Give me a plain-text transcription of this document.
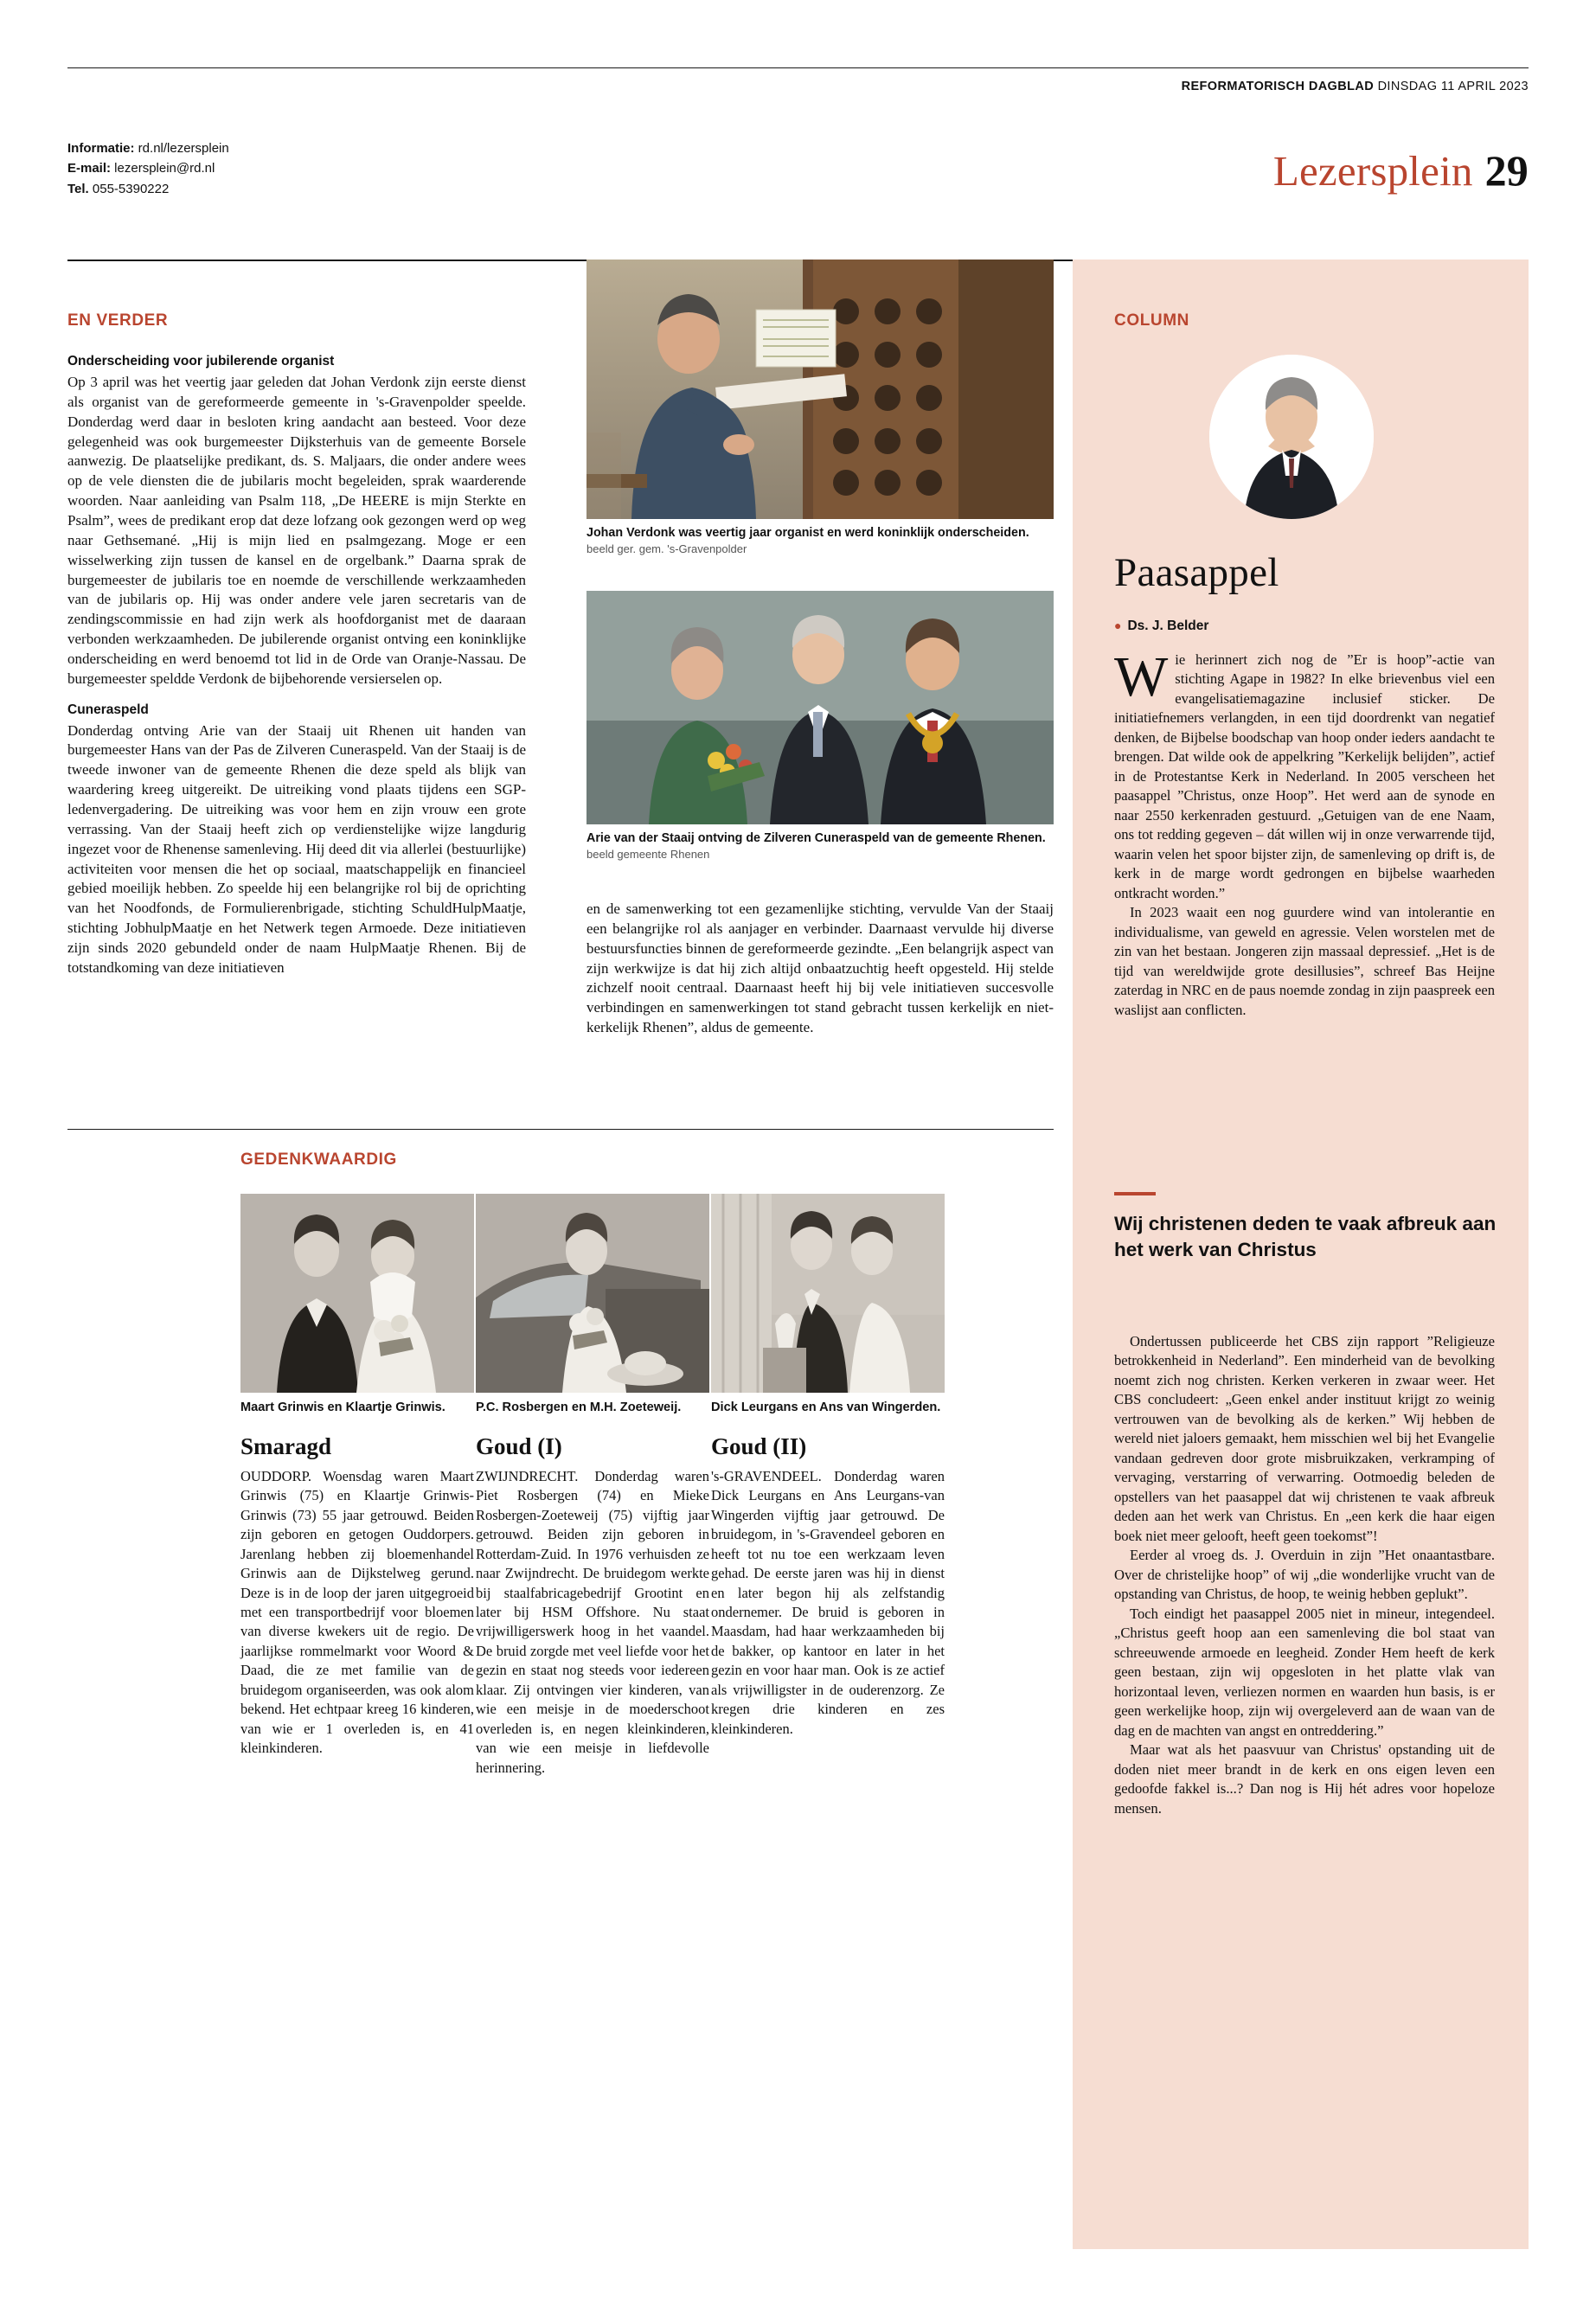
REFORMATORISCH DAGBLAD DINSDAG 11 APRIL 2023
Informatie: rd.nl/lezersplein
E-mail: lezersplein@rd.nl
Tel. 055-5390222	Lezersplein 29
EN VERDER
Onderscheiding voor jubilerende organist

Op 3 april was het veertig jaar geleden dat Johan Verdonk zijn eerste dienst als organist van de gereformeerde gemeente in 's-Gravenpolder speelde. Donderdag werd daar in besloten kring aandacht aan besteed. Voor deze gelegenheid was ook burgemeester Dijksterhuis van de gemeente Borsele aanwezig. De plaatselijke predikant, ds. S. Maljaars, die onder andere wees op de vele diensten die de jubilaris mocht begeleiden, sprak waarderende woorden. Naar aanleiding van Psalm 118, „De HEERE is mijn Sterkte en Psalm”, wees de predikant erop dat deze lofzang ook gezongen werd op weg naar Gethsemané. „Hij is mijn lied en psalmgezang. Moge er een wisselwerking zijn tussen de kansel en de orgelbank.” Daarna sprak de burgemeester de jubilaris toe en noemde de verschillende werkzaamheden van de jubilaris op. Hij was onder andere vele jaren secretaris van de zendingscommissie en had zijn werk als hoofdorganist met de daaraan verbonden werkzaamheden. De jubilerende organist ontving een koninklijke onderscheiding en werd benoemd tot lid in de Orde van Oranje-Nassau. De burgemeester speldde Verdonk de bijbehorende versierselen op.

Cuneraspeld

Donderdag ontving Arie van der Staaij uit Rhenen uit handen van burgemeester Hans van der Pas de Zilveren Cuneraspeld. Van der Staaij is de tweede inwoner van de gemeente Rhenen die deze speld als blijk van waardering kreeg uitgereikt. De uitreiking vond plaats tijdens een SGP-ledenvergadering. De uitreiking was voor hem en zijn vrouw een grote verrassing. Van der Staaij heeft zich op verdienstelijke wijze langdurig ingezet voor de Rhenense samenleving. Hij deed dit via allerlei (bestuurlijke) activiteiten voor mensen die het op sociaal, maatschappelijk en financieel gebied moeilijk hebben. Zo speelde hij een belangrijke rol bij de oprichting van het Noodfonds, de Formulierenbrigade, stichting SchuldHulpMaatje, stichting JobhulpMaatje en het Netwerk tegen Armoede. Deze initiatieven zijn sinds 2020 gebundeld onder de naam HulpMaatje Rhenen. Bij de totstandkoming van deze initiatieven

Johan Verdonk was veertig jaar organist en werd koninklijk onderscheiden. beeld ger. gem. 's-Gravenpolder
Arie van der Staaij ontving de Zilveren Cuneraspeld van de gemeente Rhenen. beeld gemeente Rhenen

en de samenwerking tot een gezamenlijke stichting, vervulde Van der Staaij een belangrijke rol als aanjager en verbinder. Daarnaast vervulde hij diverse bestuursfuncties binnen de gereformeerde gezindte. „Een belangrijk aspect van zijn werkwijze is dat hij zich altijd onbaatzuchtig heeft opgesteld. Hij stelde zichzelf nooit centraal. Daarnaast heeft hij bij vele initiatieven succesvolle verbindingen en samenwerkingen tot stand gebracht tussen kerkelijk en niet-kerkelijk Rhenen”, aldus de gemeente.

GEDENKWAARDIG
Maart Grinwis en Klaartje Grinwis.
Smaragd
OUDDORP. Woensdag waren Maart Grinwis (75) en Klaartje Grinwis-Grinwis (73) 55 jaar getrouwd. Beiden zijn geboren en getogen Ouddorpers. Jarenlang hebben zij bloemenhandel Grinwis aan de Dijkstelweg gerund. Deze is in de loop der jaren uitgegroeid met een transportbedrijf voor bloemen van diverse kwekers uit de regio. De jaarlijkse rommelmarkt voor Woord & Daad, die ze met familie van de bruidegom organiseerden, was ook alom bekend. Het echtpaar kreeg 16 kinderen, van wie er 1 overleden is, en 41 kleinkinderen.
P.C. Rosbergen en M.H. Zoeteweij.
Goud (I)
ZWIJNDRECHT. Donderdag waren Piet Rosbergen (74) en Mieke Rosbergen-Zoeteweij (75) vijftig jaar getrouwd. Beiden zijn geboren in Rotterdam-Zuid. In 1976 verhuisden ze naar Zwijndrecht. De bruidegom werkte bij staalfabricagebedrijf Grootint en later bij HSM Offshore. Nu staat vrijwilligerswerk hoog in het vaandel. De bruid zorgde met veel liefde voor het gezin en staat nog steeds voor iedereen klaar. Zij ontvingen vier kinderen, van wie een meisje in de moederschoot overleden is, en negen kleinkinderen, van wie een meisje in liefdevolle herinnering.
Dick Leurgans en Ans van Wingerden.
Goud (II)
's-GRAVENDEEL. Donderdag waren Dick Leurgans en Ans Leurgans-van Wingerden vijftig jaar getrouwd. De bruidegom, in 's-Gravendeel geboren en heeft tot nu toe een werkzaam leven gehad. De eerste jaren was hij in dienst en later begon hij als zelfstandig ondernemer. De bruid is geboren in Maasdam, had haar werkzaamheden bij de bakker, op kantoor en later in het gezin en voor haar man. Ook is ze actief als vrijwilligster in de ouderenzorg. Ze kregen drie kinderen en zes kleinkinderen.
COLUMN
Paasappel
● Ds. J. Belder

Wie herinnert zich nog de ”Er is hoop”-actie van stichting Agape in 1982? In elke brievenbus viel een evangelisatiemagazine inclusief sticker. De initiatiefnemers verlangden, in een tijd doordrenkt van negatief denken, de Bijbelse boodschap van hoop onder ieders aandacht te brengen. Dat wilde ook de appelkring ”Kerkelijk belijden”, actief in de Protestantse Kerk in Nederland. In 2005 verscheen het paasappel ”Christus, onze Hoop”. Het werd aan de synode en naar 2550 kerkenraden gestuurd. „Getuigen van de ene Naam, ons tot redding gegeven – dát willen wij in onze verwarrende tijd, waarin velen het spoor bijster zijn, de samenleving op drift is, de kerk in de marge wordt gedrongen en bijbelse waarheden ontkracht worden.”

In 2023 waait een nog guurdere wind van intolerantie en individualisme, van geweld en agressie. Velen worstelen met de zin van het bestaan. Jongeren zijn massaal depressief. „Het is de tijd van wereldwijde grote desillusies”, schreef Bas Heijne zaterdag in NRC en de paus noemde zondag in zijn paaspreek een waslijst aan conflicten.

Wij christenen deden te vaak afbreuk aan het werk van Christus

Ondertussen publiceerde het CBS zijn rapport ”Religieuze betrokkenheid in Nederland”. Een minderheid van de bevolking noemt zich nog christen. Kerken verkeren in zwaar weer. Het CBS concludeert: „Geen enkel ander instituut krijgt zo weinig vertrouwen van de bevolking als de kerken.” Wij hebben de wereld niet jaloers gemaakt, hem misschien wel bij het Evangelie vandaan gedreven door grote misbruikzaken, verkramping of vervaging, verstarring of verwarring. Ootmoedig beleden de opstellers van het paasappel dat wij christenen te vaak afbreuk deden aan het werk van Christus. En „een kerk die haar eigen boek niet meer gelooft, heeft geen toekomst”!

Eerder al vroeg ds. J. Overduin in zijn ”Het onaantastbare. Over de christelijke hoop” of wij „die wonderlijke vrucht van de opstanding van Christus, de hoop, te weinig hebben geplukt”.

Toch eindigt het paasappel 2005 niet in mineur, integendeel. „Christus geeft hoop aan een samenleving die bol staat van schreeuwende armoede en leegheid. Zonder Hem heeft de kerk geen bestaan, zijn wij opgesloten in het platte vlak van horizontaal leven, verliezen normen en waarden hun basis, is er geen werkelijke hoop, zijn wij overgeleverd aan de waan van de dag en de machten van angst en ontreddering.”

Maar wat als het paasvuur van Christus' opstanding uit de doden niet meer brandt in de kerk en ons eigen leven een gedoofde fakkel is...? Dan nog is Hij hét adres voor hopeloze mensen.
